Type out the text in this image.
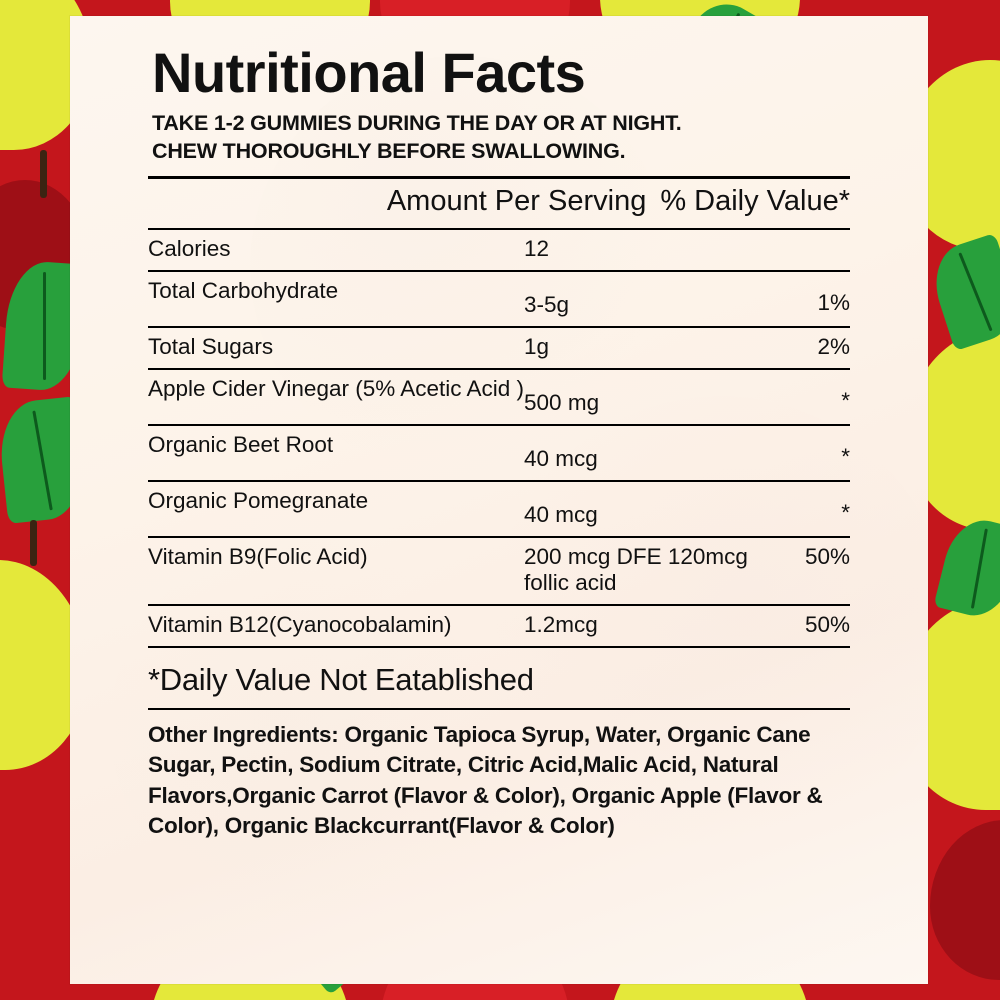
Nutritional Facts
TAKE 1-2 GUMMIES DURING THE DAY OR AT NIGHT.
CHEW THOROUGHLY BEFORE SWALLOWING.
Amount Per Serving % Daily Value*
Calories	12	
Total Carbohydrate	3-5g	1%
Total Sugars	1g	2%
Apple Cider Vinegar (5% Acetic Acid )	500 mg	*
Organic Beet Root	40 mcg	*
Organic Pomegranate	40 mcg	*
Vitamin B9(Folic Acid)	200 mcg DFE 120mcg follic acid	50%
Vitamin B12(Cyanocobalamin)	1.2mcg	50%
*Daily Value Not Eatablished
Other Ingredients: Organic Tapioca Syrup, Water, Organic Cane Sugar, Pectin, Sodium Citrate, Citric Acid,Malic Acid, Natural Flavors,Organic Carrot (Flavor & Color), Organic Apple (Flavor & Color), Organic Blackcurrant(Flavor & Color)
